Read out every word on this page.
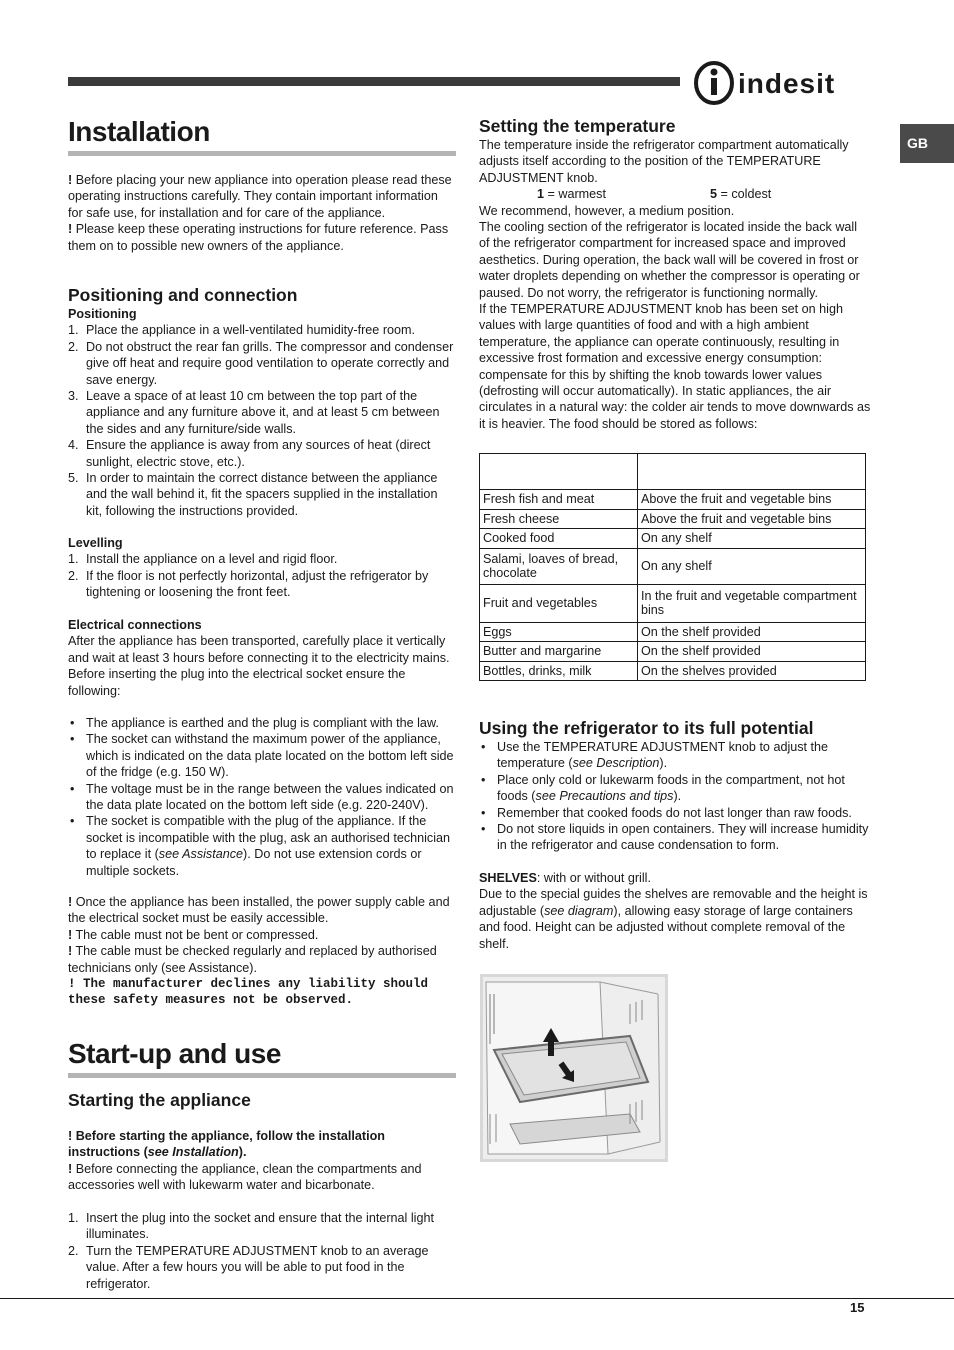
indesit
GB
Installation

! Before placing your new appliance into operation please read these operating instructions carefully. They contain important information for safe use, for installation and for care of the appliance.

! Please keep these operating instructions for future reference. Pass them on to possible new owners of the appliance.

Positioning and connection

Positioning

1. Place the appliance in a well-ventilated humidity-free room.
2. Do not obstruct the rear fan grills. The compressor and condenser give off heat and require good ventilation to operate correctly and save energy.
3. Leave a space of at least 10 cm between the top part of the appliance and any furniture above it, and at least 5 cm between the sides and any furniture/side walls.
4. Ensure the appliance is away from any sources of heat (direct sunlight, electric stove, etc.).
5. In order to maintain the correct distance between the appliance and the wall behind it, fit the spacers supplied in the installation kit, following the instructions provided.

Levelling

1. Install the appliance on a level and rigid floor.
2. If the floor is not perfectly horizontal, adjust the refrigerator by tightening or loosening the front feet.

Electrical connections

After the appliance has been transported, carefully place it vertically and wait at least 3 hours before connecting it to the electricity mains. Before inserting the plug into the electrical socket ensure the following:

• The appliance is earthed and the plug is compliant with the law.
• The socket can withstand the maximum power of the appliance, which is indicated on the data plate located on the bottom left side of the fridge (e.g. 150 W).
• The voltage must be in the range between the values indicated on the data plate located on the bottom left side (e.g. 220-240V).
• The socket is compatible with the plug of the appliance. If the socket is incompatible with the plug, ask an authorised technician to replace it (see Assistance). Do not use extension cords or multiple sockets.

! Once the appliance has been installed, the power supply cable and the electrical socket must be easily accessible.

! The cable must not be bent or compressed.

! The cable must be checked regularly and replaced by authorised technicians only (see Assistance).

! The manufacturer declines any liability should these safety measures not be observed.

Start-up and use
Starting the appliance

! Before starting the appliance, follow the installation instructions (see Installation).

! Before connecting the appliance, clean the compartments and accessories well with lukewarm water and bicarbonate.

1. Insert the plug into the socket and ensure that the internal light illuminates.
2. Turn the TEMPERATURE ADJUSTMENT knob to an average value. After a few hours you will be able to put food in the refrigerator.
Setting the temperature

The temperature inside the refrigerator compartment automatically adjusts itself according to the position of the TEMPERATURE ADJUSTMENT knob.

1 = warmest	5 = coldest

We recommend, however, a medium position.

The cooling section of the refrigerator is located inside the back wall of the refrigerator compartment for increased space and improved aesthetics. During operation, the back wall will be covered in frost or water droplets depending on whether the compressor is operating or paused. Do not worry, the refrigerator is functioning normally.

If the TEMPERATURE ADJUSTMENT knob has been set on high values with large quantities of food and with a high ambient temperature, the appliance can operate continuously, resulting in excessive frost formation and excessive energy consumption: compensate for this by shifting the knob towards lower values (defrosting will occur automatically). In static appliances, the air circulates in a natural way: the colder air tends to move downwards as it is heavier. The food should be stored as follows:

Fresh fish and meat	Above the fruit and vegetable bins
Fresh cheese	Above the fruit and vegetable bins
Cooked food	On any shelf
Salami, loaves of bread, chocolate	On any shelf
Fruit and vegetables	In the fruit and vegetable compartment bins
Eggs	On the shelf provided
Butter and margarine	On the shelf provided
Bottles, drinks, milk	On the shelves provided
Using the refrigerator to its full potential
• Use the TEMPERATURE ADJUSTMENT knob to adjust the temperature (see Description).
• Place only cold or lukewarm foods in the compartment, not hot foods (see Precautions and tips).
• Remember that cooked foods do not last longer than raw foods.
• Do not store liquids in open containers. They will increase humidity in the refrigerator and cause condensation to form.

SHELVES: with or without grill.

Due to the special guides the shelves are removable and the height is adjustable (see diagram), allowing easy storage of large containers and food. Height can be adjusted without complete removal of the shelf.

15
